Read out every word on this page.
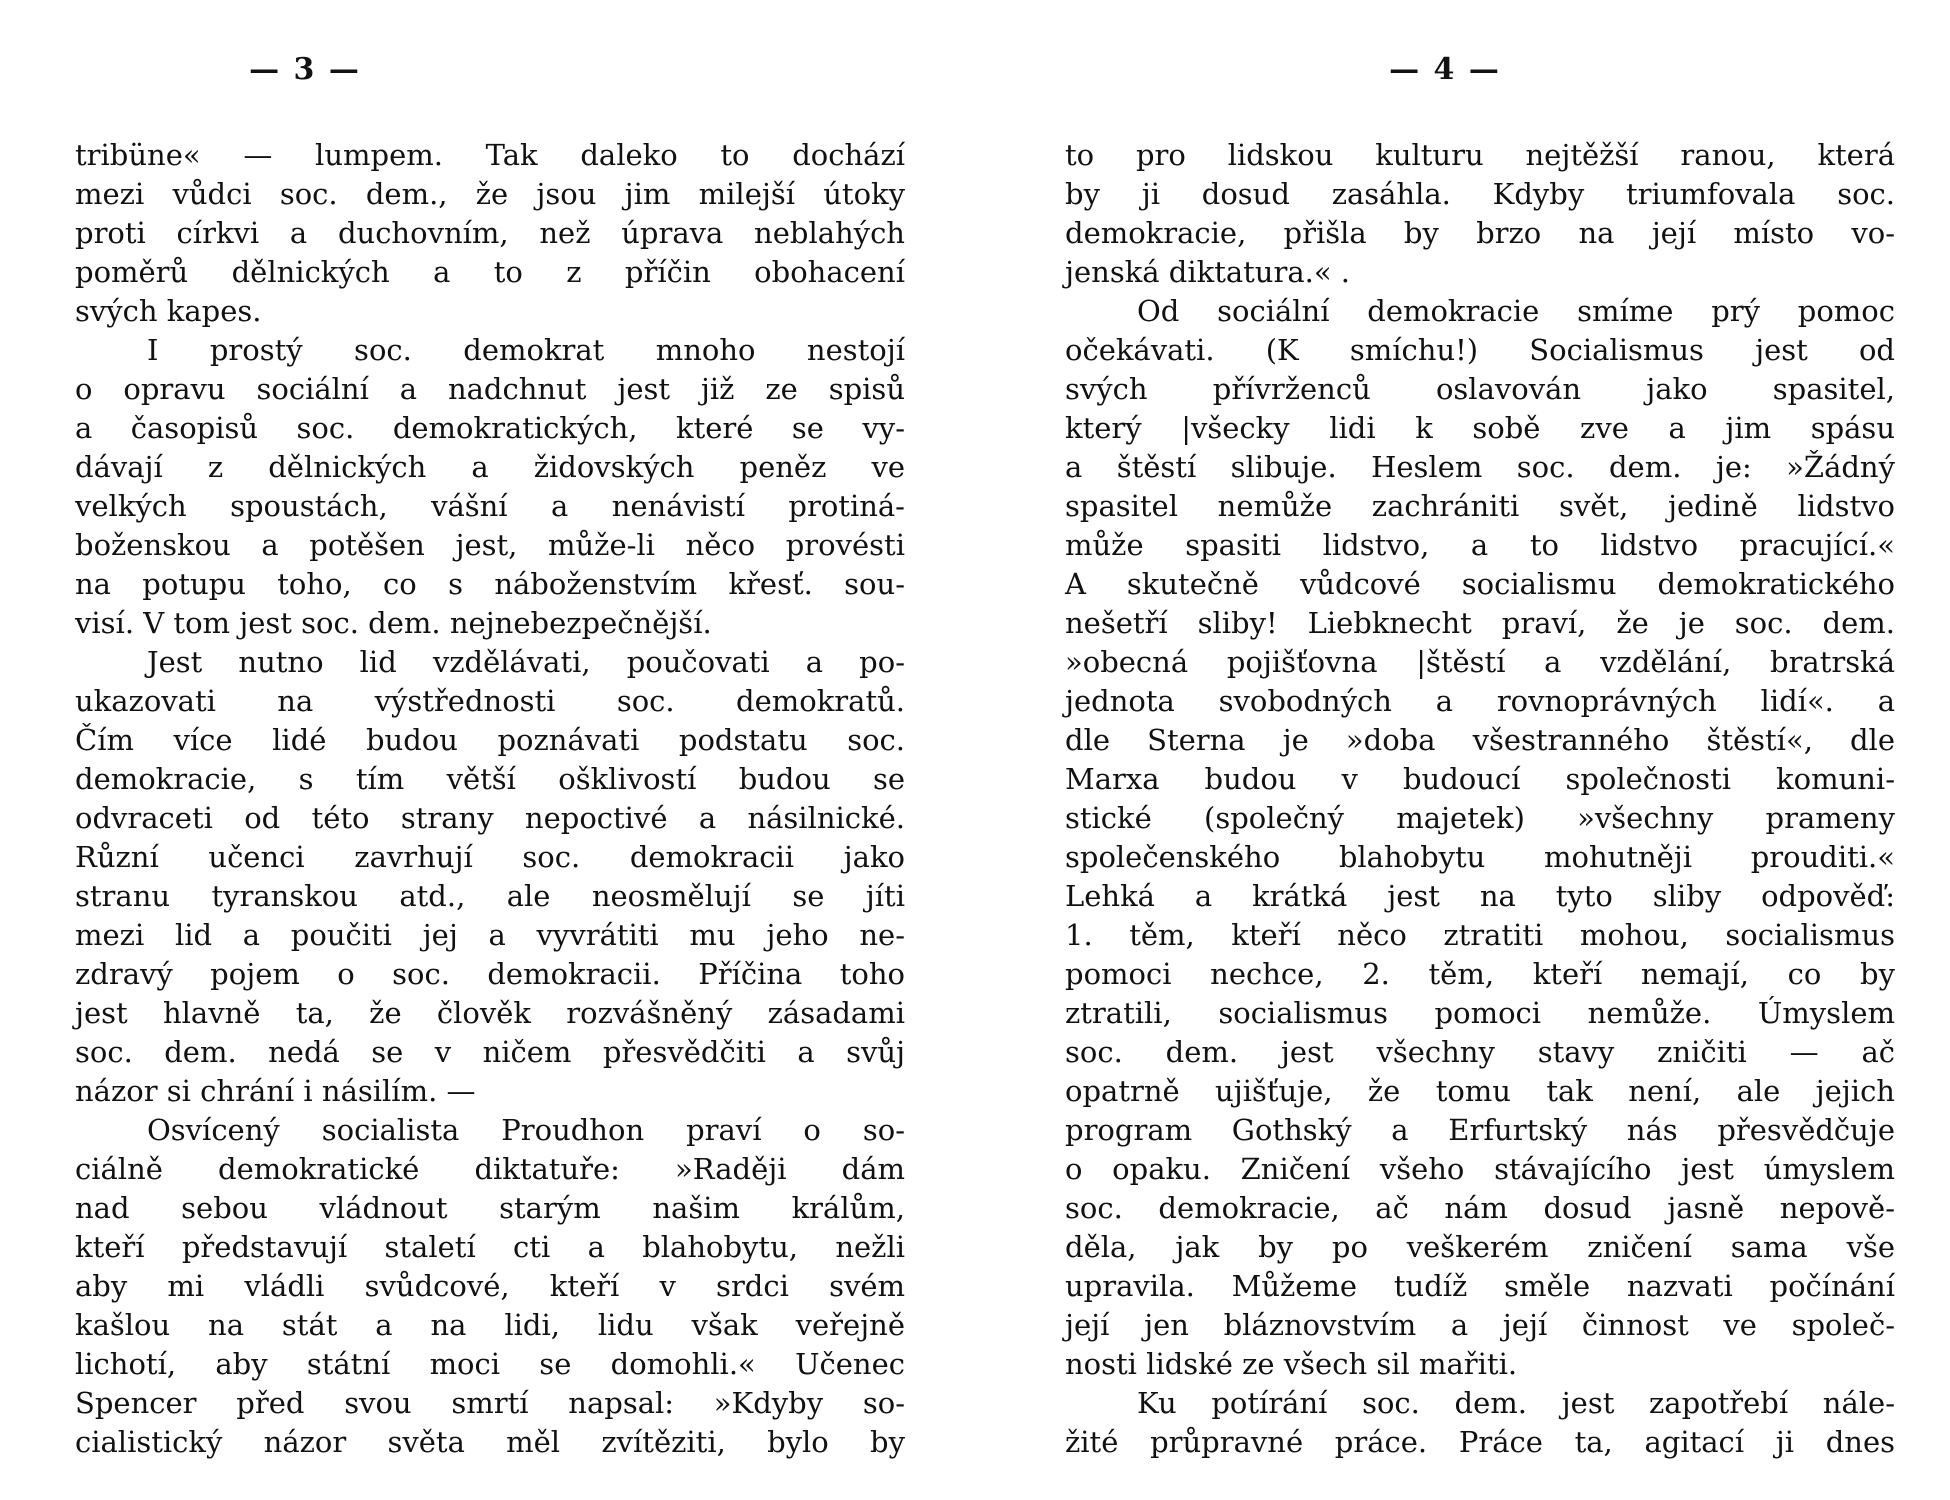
— 3 —
tribüne« — lumpem. Tak daleko to dochází
mezi vůdci soc. dem., že jsou jim milejší útoky
proti církvi a duchovním, než úprava neblahých
poměrů dělnických a to z příčin obohacení
svých kapes.
I prostý soc. demokrat mnoho nestojí
o opravu sociální a nadchnut jest již ze spisů
a časopisů soc. demokratických, které se vy-
dávají z dělnických a židovských peněz ve
velkých spoustách, vášní a nenávistí protiná-
boženskou a potěšen jest, může-li něco provésti
na potupu toho, co s náboženstvím křesť. sou-
visí. V tom jest soc. dem. nejnebezpečnější.
Jest nutno lid vzdělávati, poučovati a po-
ukazovati na výstřednosti soc. demokratů.
Čím více lidé budou poznávati podstatu soc.
demokracie, s tím větší ošklivostí budou se
odvraceti od této strany nepoctivé a násilnické.
Různí učenci zavrhují soc. demokracii jako
stranu tyranskou atd., ale neosmělují se jíti
mezi lid a poučiti jej a vyvrátiti mu jeho ne-
zdravý pojem o soc. demokracii. Příčina toho
jest hlavně ta, že člověk rozvášněný zásadami
soc. dem. nedá se v ničem přesvědčiti a svůj
názor si chrání i násilím. —
Osvícený socialista Proudhon praví o so-
ciálně demokratické diktatuře: »Raději dám
nad sebou vládnout starým našim králům,
kteří představují staletí cti a blahobytu, nežli
aby mi vládli svůdcové, kteří v srdci svém
kašlou na stát a na lidi, lidu však veřejně
lichotí, aby státní moci se domohli.« Učenec
Spencer před svou smrtí napsal: »Kdyby so-
cialistický názor světa měl zvítěziti, bylo by
— 4 —
to pro lidskou kulturu nejtěžší ranou, která
by ji dosud zasáhla. Kdyby triumfovala soc.
demokracie, přišla by brzo na její místo vo-
jenská diktatura.« .
Od sociální demokracie smíme prý pomoc
očekávati. (K smíchu!) Socialismus jest od
svých přívrženců oslavován jako spasitel,
který |všecky lidi k sobě zve a jim spásu
a štěstí slibuje. Heslem soc. dem. je: »Žádný
spasitel nemůže zachrániti svět, jedině lidstvo
může spasiti lidstvo, a to lidstvo pracující.«
A skutečně vůdcové socialismu demokratického
nešetří sliby! Liebknecht praví, že je soc. dem.
»obecná pojišťovna |štěstí a vzdělání, bratrská
jednota svobodných a rovnoprávných lidí«. a
dle Sterna je »doba všestranného štěstí«, dle
Marxa budou v budoucí společnosti komuni-
stické (společný majetek) »všechny prameny
společenského blahobytu mohutněji prouditi.«
Lehká a krátká jest na tyto sliby odpověď:
1. těm, kteří něco ztratiti mohou, socialismus
pomoci nechce, 2. těm, kteří nemají, co by
ztratili, socialismus pomoci nemůže. Úmyslem
soc. dem. jest všechny stavy zničiti — ač
opatrně ujišťuje, že tomu tak není, ale jejich
program Gothský a Erfurtský nás přesvědčuje
o opaku. Zničení všeho stávajícího jest úmyslem
soc. demokracie, ač nám dosud jasně nepově-
děla, jak by po veškerém zničení sama vše
upravila. Můžeme tudíž směle nazvati počínání
její jen bláznovstvím a její činnost ve společ-
nosti lidské ze všech sil mařiti.
Ku potírání soc. dem. jest zapotřebí nále-
žité průpravné práce. Práce ta, agitací ji dnes
